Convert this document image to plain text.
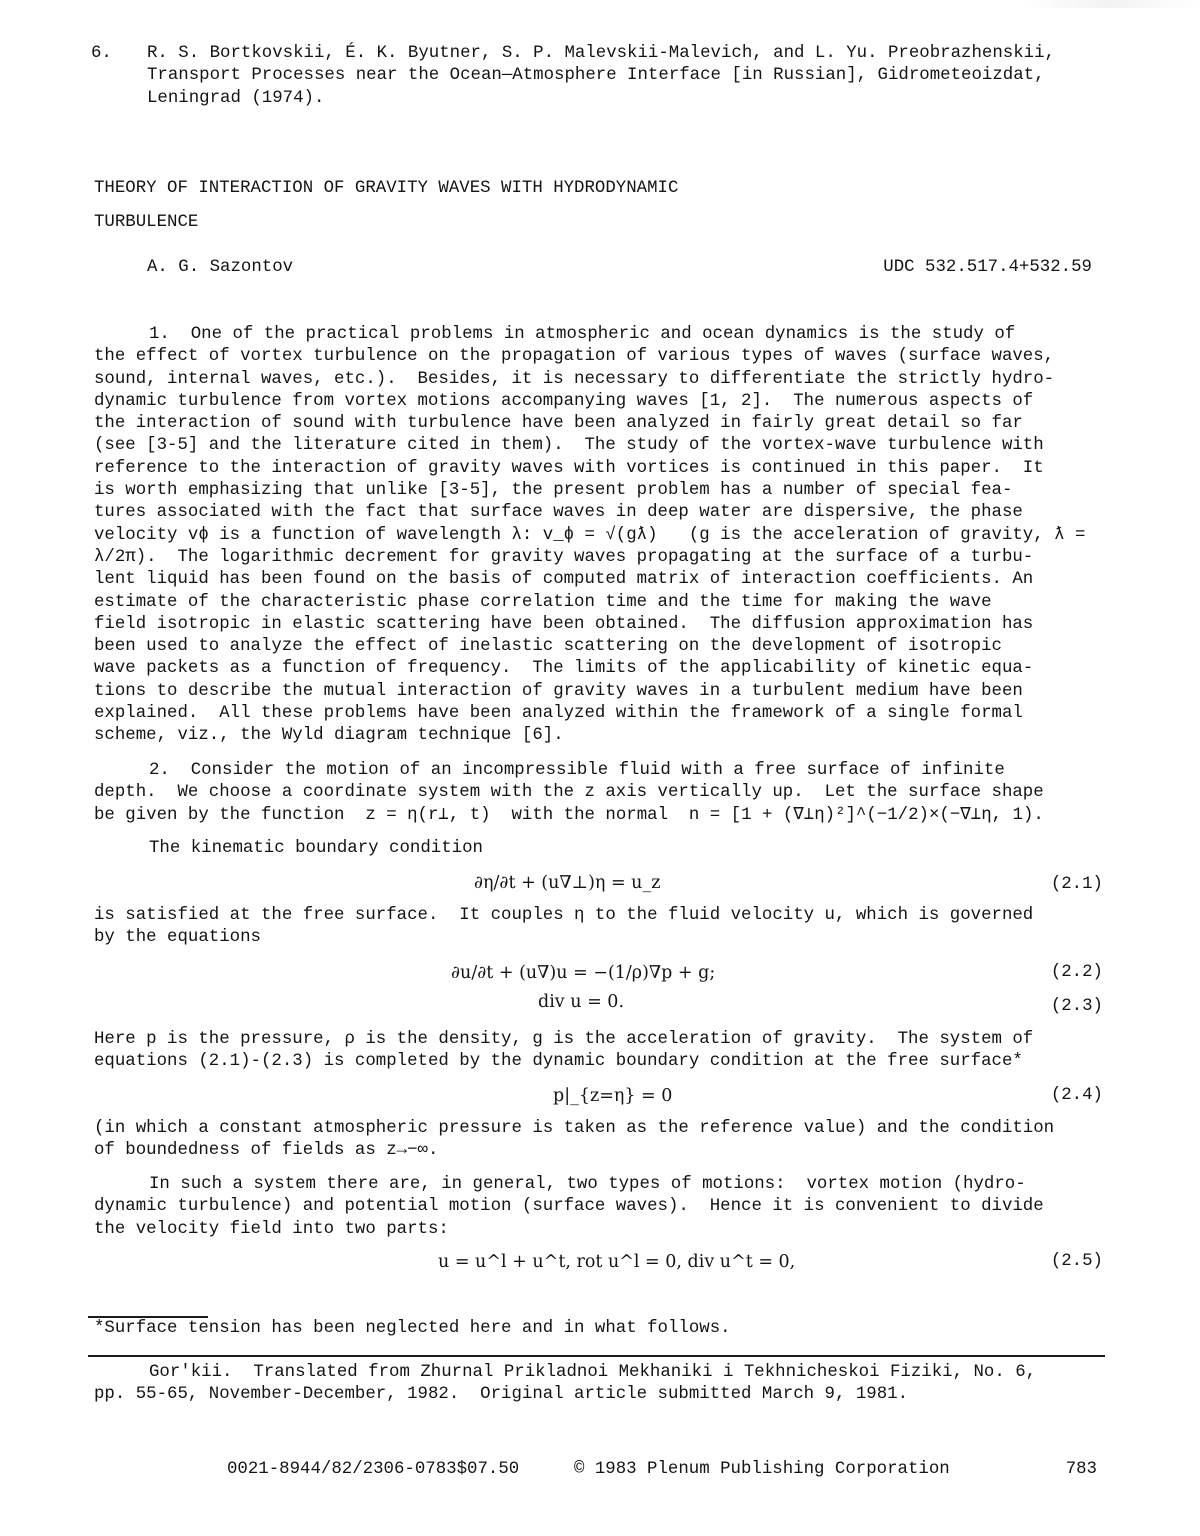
6. R. S. Bortkovskii, É. K. Byutner, S. P. Malevskii-Malevich, and L. Yu. Preobrazhenskii,
Transport Processes near the Ocean—Atmosphere Interface [in Russian], Gidrometeoizdat,
Leningrad (1974).
THEORY OF INTERACTION OF GRAVITY WAVES WITH HYDRODYNAMIC
TURBULENCE
A. G. Sazontov	UDC 532.517.4+532.59
1.  One of the practical problems in atmospheric and ocean dynamics is the study of
the effect of vortex turbulence on the propagation of various types of waves (surface waves,
sound, internal waves, etc.).  Besides, it is necessary to differentiate the strictly hydro-
dynamic turbulence from vortex motions accompanying waves [1, 2].  The numerous aspects of
the interaction of sound with turbulence have been analyzed in fairly great detail so far
(see [3-5] and the literature cited in them).  The study of the vortex-wave turbulence with
reference to the interaction of gravity waves with vortices is continued in this paper.  It
is worth emphasizing that unlike [3-5], the present problem has a number of special fea-
tures associated with the fact that surface waves in deep water are dispersive, the phase
velocity vϕ is a function of wavelength λ: v_ϕ = √(gƛ)   (g is the acceleration of gravity, ƛ =
λ/2π).  The logarithmic decrement for gravity waves propagating at the surface of a turbu-
lent liquid has been found on the basis of computed matrix of interaction coefficients. An
estimate of the characteristic phase correlation time and the time for making the wave
field isotropic in elastic scattering have been obtained.  The diffusion approximation has
been used to analyze the effect of inelastic scattering on the development of isotropic
wave packets as a function of frequency.  The limits of the applicability of kinetic equa-
tions to describe the mutual interaction of gravity waves in a turbulent medium have been
explained.  All these problems have been analyzed within the framework of a single formal
scheme, viz., the Wyld diagram technique [6].
2.  Consider the motion of an incompressible fluid with a free surface of infinite
depth.  We choose a coordinate system with the z axis vertically up.  Let the surface shape
be given by the function  z = η(r⊥, t)  with the normal  n = [1 + (∇⊥η)²]^(−1/2)×(−∇⊥η, 1).
The kinematic boundary condition
∂η/∂t + (u∇⊥)η = u_z	(2.1)
is satisfied at the free surface.  It couples η to the fluid velocity u, which is governed
by the equations
∂u/∂t + (u∇)u = −(1/ρ)∇p + g;	(2.2)
div u = 0.	(2.3)
Here p is the pressure, ρ is the density, g is the acceleration of gravity.  The system of
equations (2.1)-(2.3) is completed by the dynamic boundary condition at the free surface*
p|_{z=η} = 0	(2.4)
(in which a constant atmospheric pressure is taken as the reference value) and the condition
of boundedness of fields as z→−∞.
In such a system there are, in general, two types of motions:  vortex motion (hydro-
dynamic turbulence) and potential motion (surface waves).  Hence it is convenient to divide
the velocity field into two parts:
u = u^l + u^t, rot u^l = 0, div u^t = 0,	(2.5)
*Surface tension has been neglected here and in what follows.
Gor'kii.  Translated from Zhurnal Prikladnoi Mekhaniki i Tekhnicheskoi Fiziki, No. 6,
pp. 55-65, November-December, 1982.  Original article submitted March 9, 1981.
0021-8944/82/2306-0783$07.50	© 1983 Plenum Publishing Corporation	783
